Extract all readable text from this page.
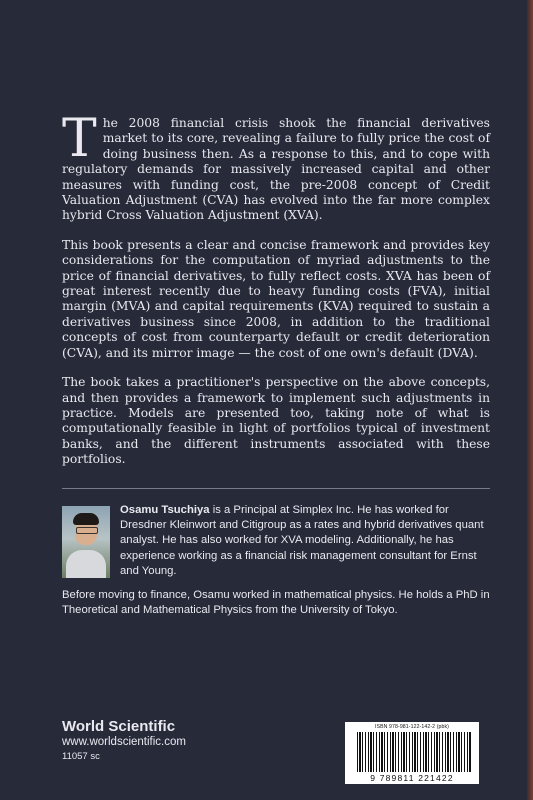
The 2008 financial crisis shook the financial derivatives market to its core, revealing a failure to fully price the cost of doing business then. As a response to this, and to cope with regulatory demands for massively increased capital and other measures with funding cost, the pre-2008 concept of Credit Valuation Adjustment (CVA) has evolved into the far more complex hybrid Cross Valuation Adjustment (XVA).

This book presents a clear and concise framework and provides key considerations for the computation of myriad adjustments to the price of financial derivatives, to fully reflect costs. XVA has been of great interest recently due to heavy funding costs (FVA), initial margin (MVA) and capital requirements (KVA) required to sustain a derivatives business since 2008, in addition to the traditional concepts of cost from counterparty default or credit deterioration (CVA), and its mirror image — the cost of one own's default (DVA).

The book takes a practitioner's perspective on the above concepts, and then provides a framework to implement such adjustments in practice. Models are presented too, taking note of what is computationally feasible in light of portfolios typical of investment banks, and the different instruments associated with these portfolios.

Osamu Tsuchiya is a Principal at Simplex Inc. He has worked for Dresdner Kleinwort and Citigroup as a rates and hybrid derivatives quant analyst. He has also worked for XVA modeling. Additionally, he has experience working as a financial risk management consultant for Ernst and Young.

Before moving to finance, Osamu worked in mathematical physics. He holds a PhD in Theoretical and Mathematical Physics from the University of Tokyo.

World Scientific
www.worldscientific.com
11057 sc
ISBN 978-981-122-142-2 (pbk)
9 789811 221422
